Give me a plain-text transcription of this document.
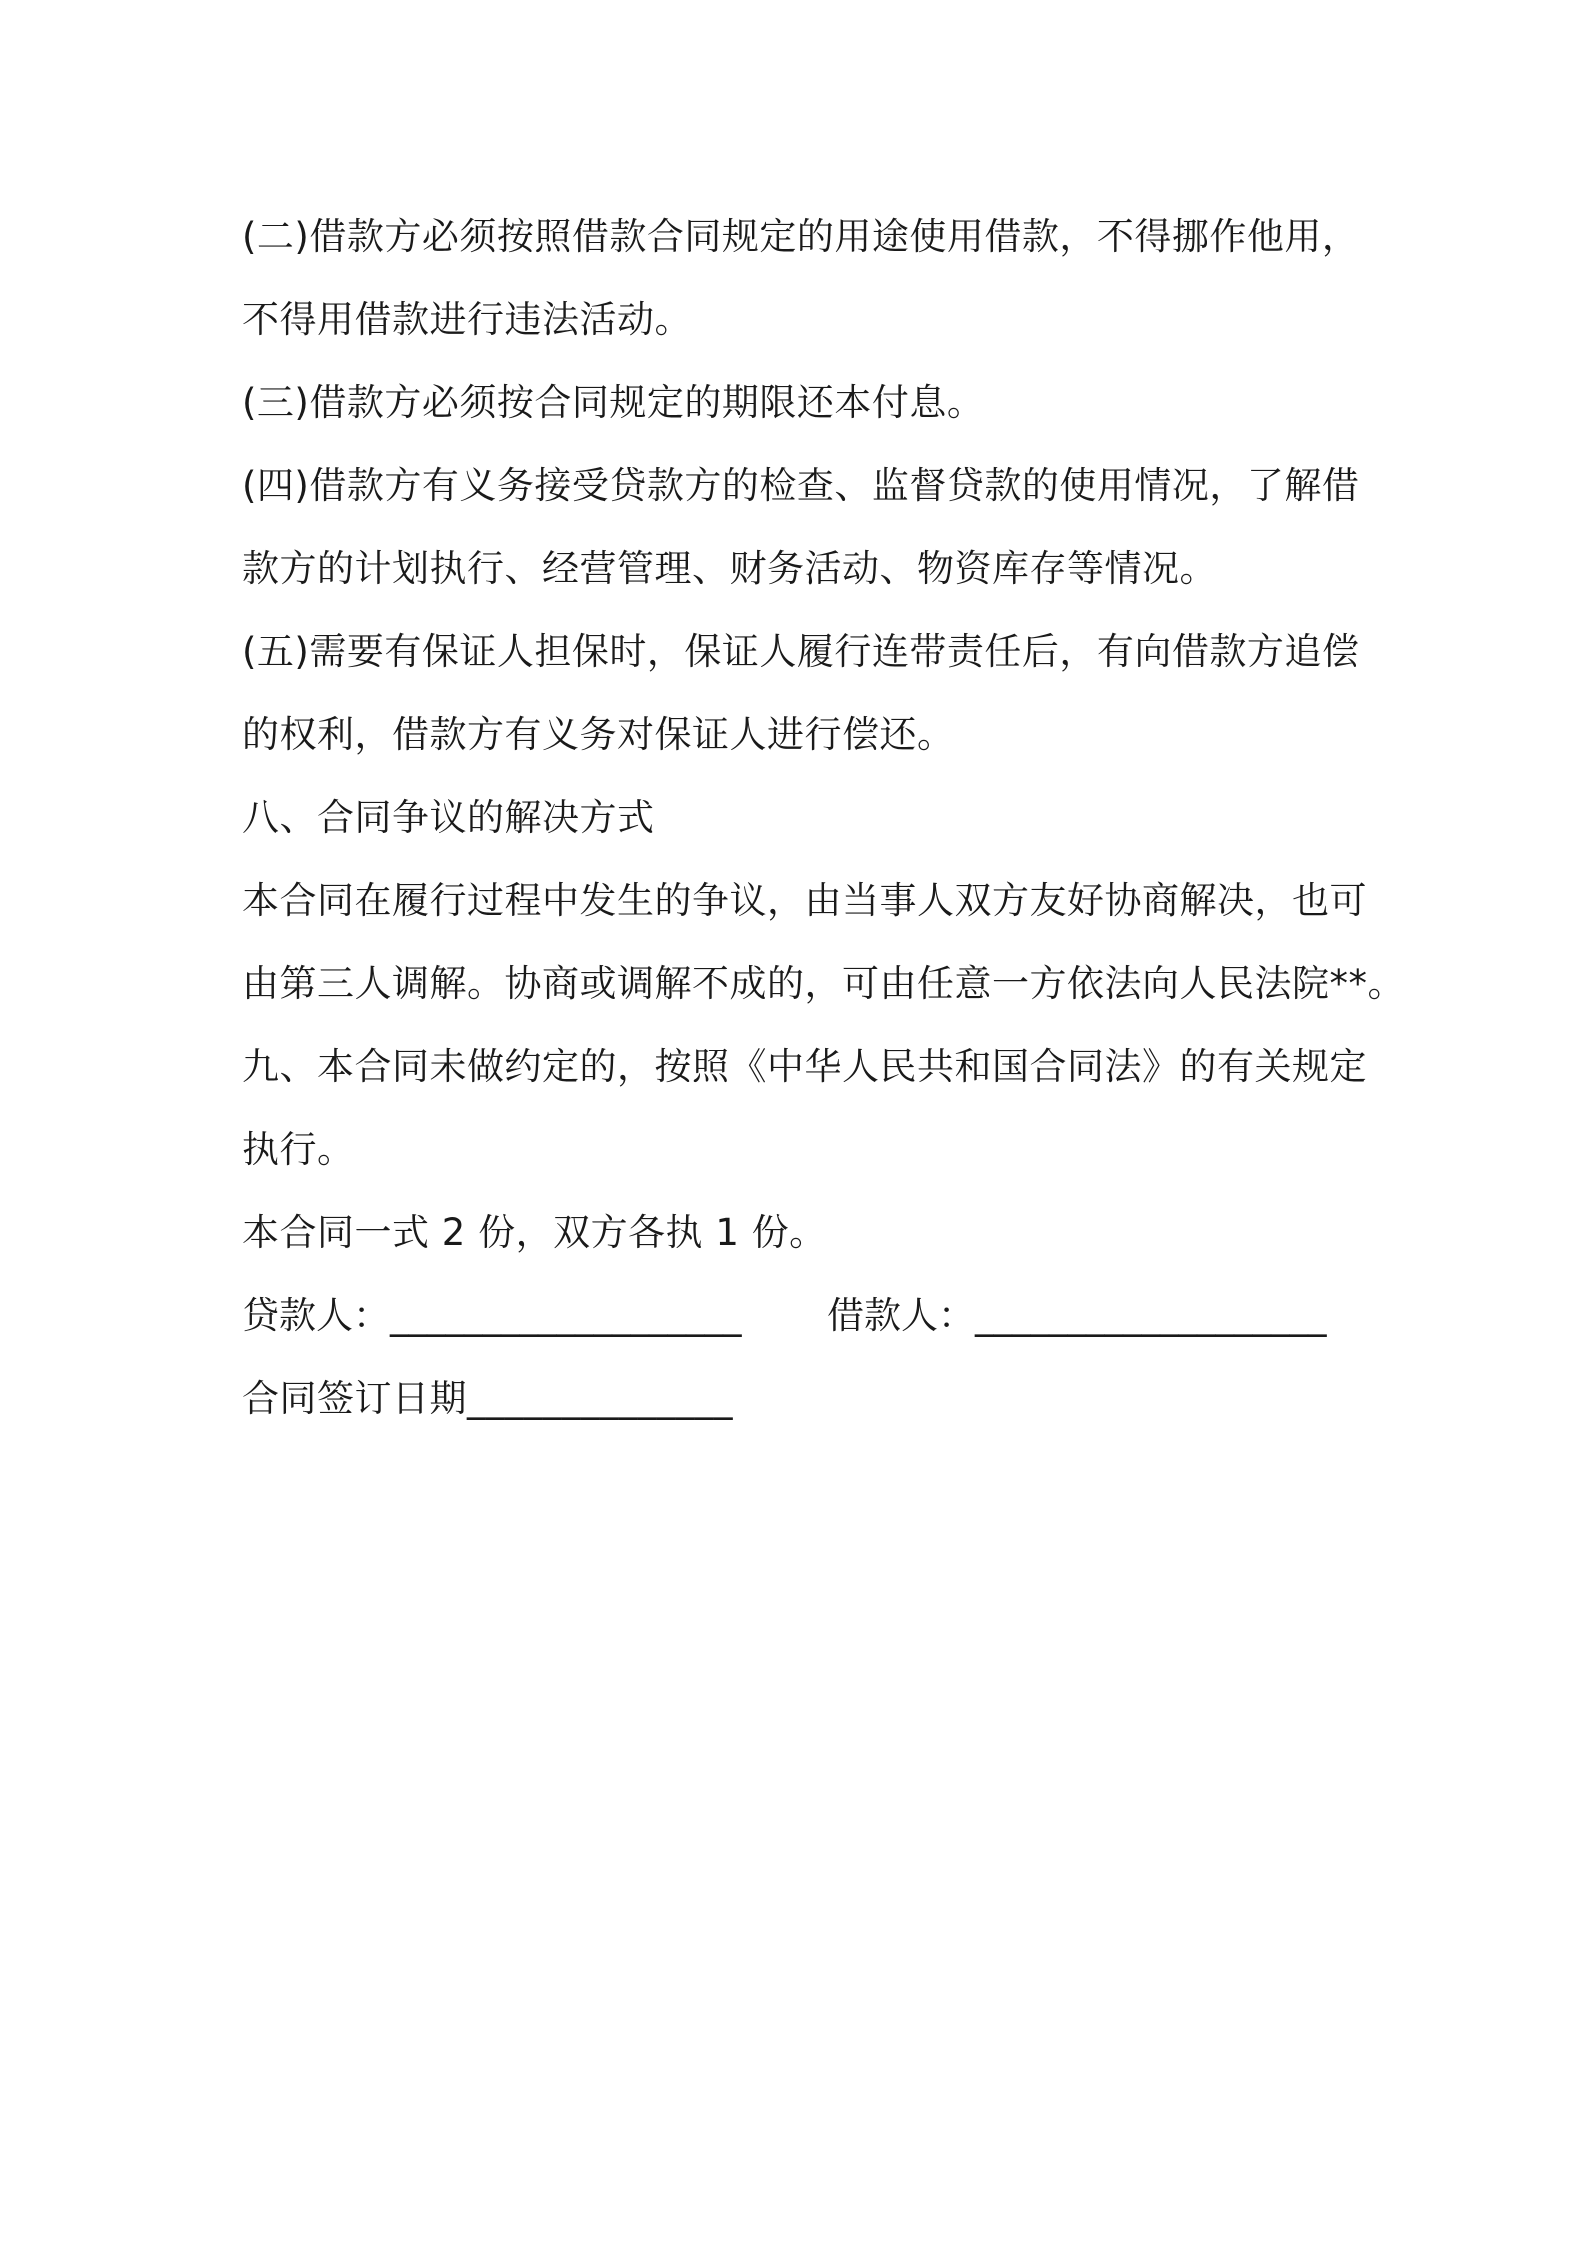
(二)借款方必须按照借款合同规定的用途使用借款，不得挪作他用，
不得用借款进行违法活动。
(三)借款方必须按合同规定的期限还本付息。
(四)借款方有义务接受贷款方的检查、监督贷款的使用情况，了解借
款方的计划执行、经营管理、财务活动、物资库存等情况。
(五)需要有保证人担保时，保证人履行连带责任后，有向借款方追偿
的权利，借款方有义务对保证人进行偿还。
八、合同争议的解决方式
本合同在履行过程中发生的争议，由当事人双方友好协商解决，也可
由第三人调解。协商或调解不成的，可由任意一方依法向人民法院**。
九、本合同未做约定的，按照《中华人民共和国合同法》的有关规定
执行。
本合同一式 2 份，双方各执 1 份。
贷款人：___________________ 借款人：___________________
合同签订日期______________
